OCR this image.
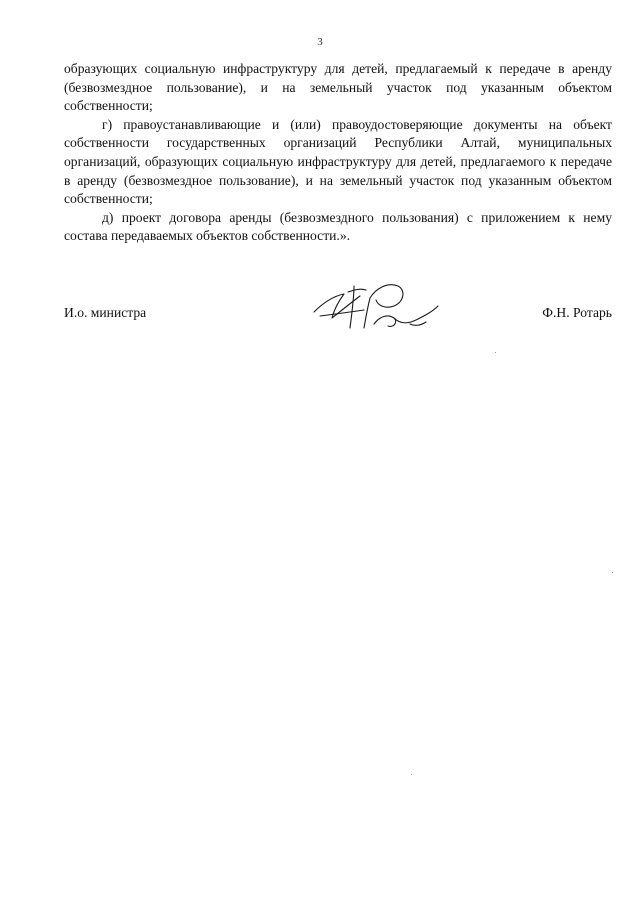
3

образующих социальную инфраструктуру для детей, предлагаемый к передаче в аренду (безвозмездное пользование), и на земельный участок под указанным объектом собственности;

г) правоустанавливающие и (или) правоудостоверяющие документы на объект собственности государственных организаций Республики Алтай, муниципальных организаций, образующих социальную инфраструктуру для детей, предлагаемого к передаче в аренду (безвозмездное пользование), и на земельный участок под указанным объектом собственности;

д) проект договора аренды (безвозмездного пользования) с приложением к нему состава передаваемых объектов собственности.».

И.о. министра	Ф.Н. Ротарь
